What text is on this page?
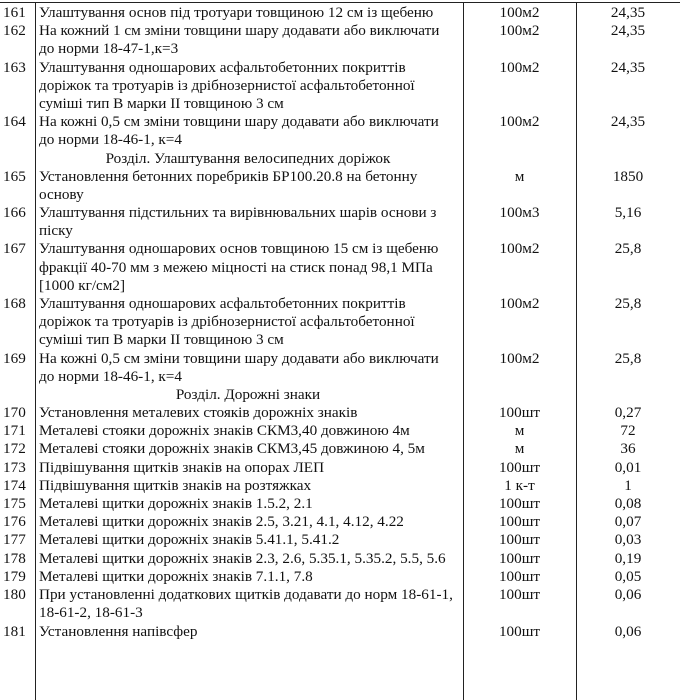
161	Улаштування основ під тротуари товщиною 12 см із щебеню	100м2	24,35
162	На кожний 1 см зміни товщини шару додавати або виключати до норми 18-47-1,к=3	100м2	24,35
163	Улаштування одношарових асфальтобетонних покриттів доріжок та тротуарів із дрібнозернистої асфальтобетонної суміші тип В марки II товщиною 3 см	100м2	24,35
164	На кожні 0,5 см зміни товщини шару додавати або виключати до норми 18-46-1, к=4	100м2	24,35
	Розділ. Улаштування велосипедних доріжок		
165	Установлення бетонних поребриків БР100.20.8 на бетонну основу	м	1850
166	Улаштування підстильних та вирівнювальних шарів основи з піску	100м3	5,16
167	Улаштування одношарових основ товщиною 15 см із щебеню фракції 40-70 мм з межею міцності на стиск понад 98,1 МПа [1000 кг/см2]	100м2	25,8
168	Улаштування одношарових асфальтобетонних покриттів доріжок та тротуарів із дрібнозернистої асфальтобетонної суміші тип В марки II товщиною 3 см	100м2	25,8
169	На кожні 0,5 см зміни товщини шару додавати або виключати до норми 18-46-1, к=4	100м2	25,8
	Розділ. Дорожні знаки		
170	Установлення металевих стояків дорожніх знаків	100шт	0,27
171	Металеві стояки дорожніх знаків СКМ3,40 довжиною 4м	м	72
172	Металеві стояки дорожніх знаків СКМ3,45 довжиною 4, 5м	м	36
173	Підвішування щитків знаків на опорах ЛЕП	100шт	0,01
174	Підвішування щитків знаків на розтяжках	1 к-т	1
175	Металеві щитки дорожніх знаків 1.5.2, 2.1	100шт	0,08
176	Металеві щитки дорожніх знаків 2.5, 3.21, 4.1, 4.12, 4.22	100шт	0,07
177	Металеві щитки дорожніх знаків 5.41.1, 5.41.2	100шт	0,03
178	Металеві щитки дорожніх знаків 2.3, 2.6, 5.35.1, 5.35.2, 5.5, 5.6	100шт	0,19
179	Металеві щитки дорожніх знаків 7.1.1, 7.8	100шт	0,05
180	При установленні додаткових щитків додавати до норм 18-61-1, 18-61-2, 18-61-3	100шт	0,06
181	Установлення напівсфер	100шт	0,06
